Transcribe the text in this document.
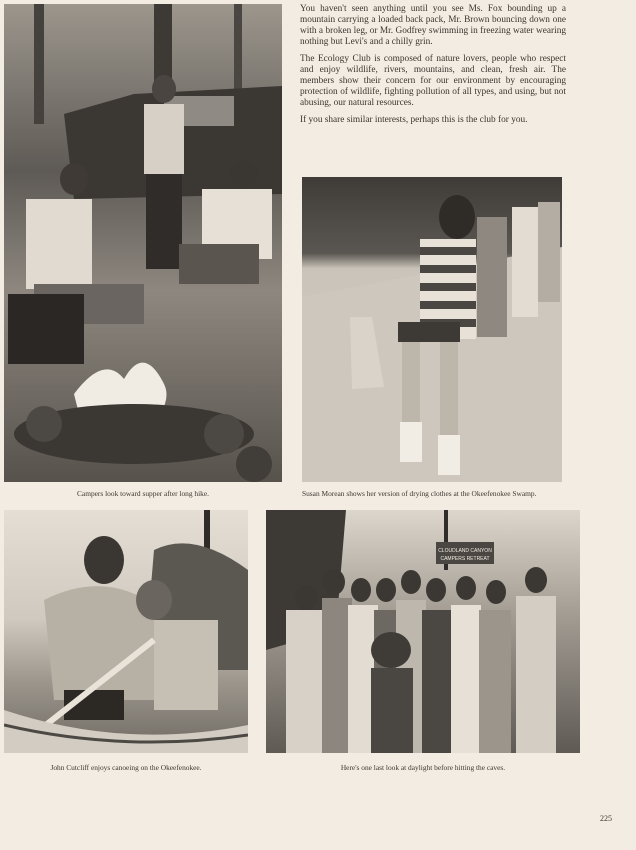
You haven't seen anything until you see Ms. Fox bounding up a mountain carrying a loaded back pack, Mr. Brown bouncing down one with a broken leg, or Mr. Godfrey swimming in freezing water wearing nothing but Levi's and a chilly grin.

The Ecology Club is composed of nature lovers, people who respect and enjoy wildlife, rivers, mountains, and clean, fresh air. The members show their concern for our environment by encouraging protection of wildlife, fighting pollution of all types, and using, but not abusing, our natural resources.

If you share similar interests, perhaps this is the club for you.

Campers look toward supper after long hike.	Susan Morean shows her version of drying clothes at the Okeefenokee Swamp.
CLOUDLAND CANYON
CAMPERS RETREAT
John Cutcliff enjoys canoeing on the Okeefenokee.	Here's one last look at daylight before hitting the caves.
225
